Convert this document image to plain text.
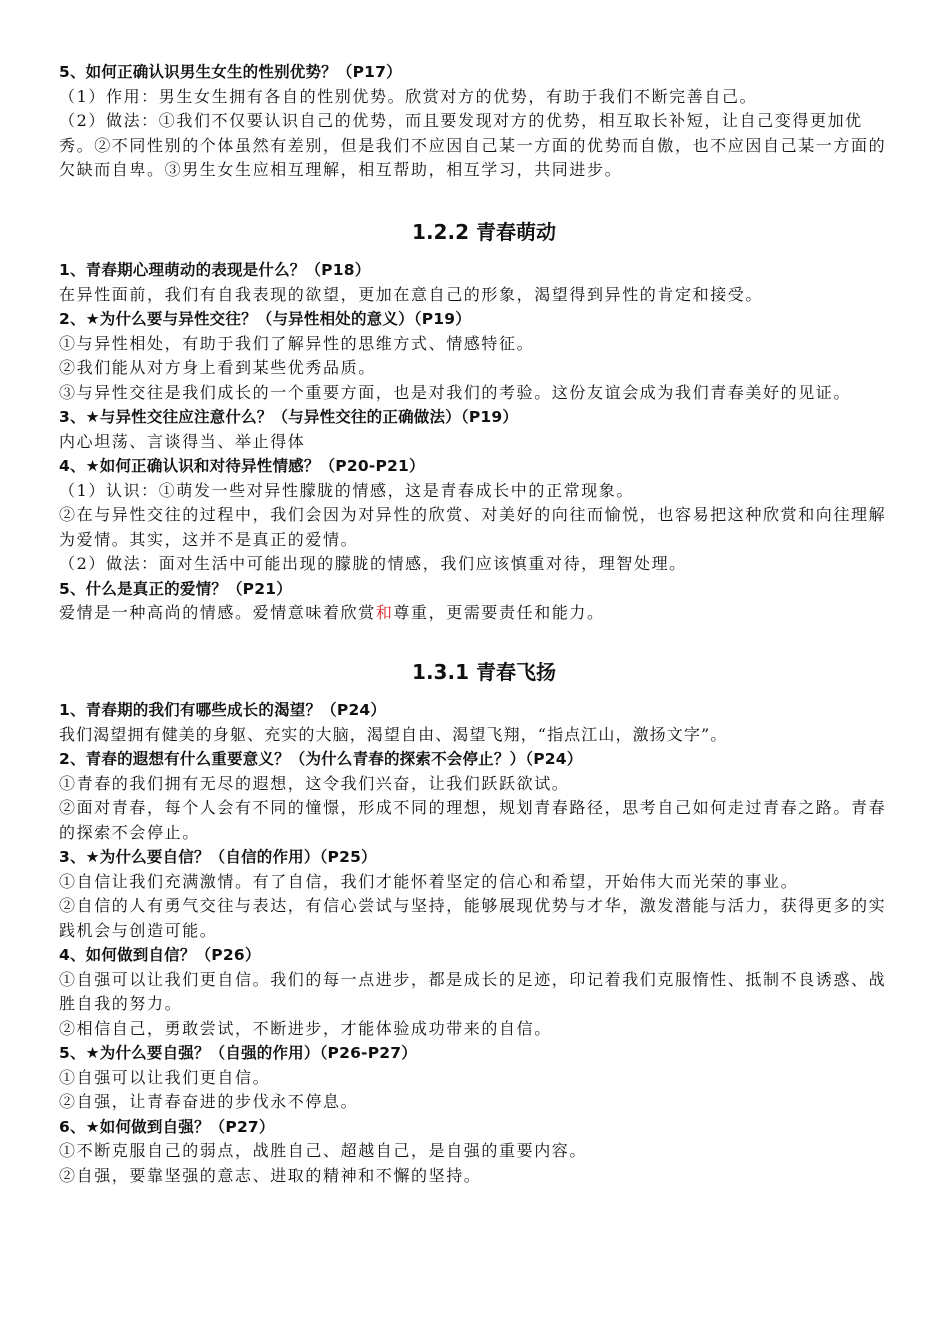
5、如何正确认识男生女生的性别优势？（P17）
（1）作用：男生女生拥有各自的性别优势。欣赏对方的优势，有助于我们不断完善自己。
（2）做法：①我们不仅要认识自己的优势，而且要发现对方的优势，相互取长补短，让自己变得更加优秀。②不同性别的个体虽然有差别，但是我们不应因自己某一方面的优势而自傲，也不应因自己某一方面的欠缺而自卑。③男生女生应相互理解，相互帮助，相互学习，共同进步。
1.2.2 青春萌动
1、青春期心理萌动的表现是什么？（P18）
在异性面前，我们有自我表现的欲望，更加在意自己的形象，渴望得到异性的肯定和接受。
2、★为什么要与异性交往？（与异性相处的意义）（P19）
①与异性相处，有助于我们了解异性的思维方式、情感特征。
②我们能从对方身上看到某些优秀品质。
③与异性交往是我们成长的一个重要方面，也是对我们的考验。这份友谊会成为我们青春美好的见证。
3、★与异性交往应注意什么？（与异性交往的正确做法）（P19）
内心坦荡、言谈得当、举止得体
4、★如何正确认识和对待异性情感？（P20-P21）
（1）认识：①萌发一些对异性朦胧的情感，这是青春成长中的正常现象。
②在与异性交往的过程中，我们会因为对异性的欣赏、对美好的向往而愉悦，也容易把这种欣赏和向往理解为爱情。其实，这并不是真正的爱情。
（2）做法：面对生活中可能出现的朦胧的情感，我们应该慎重对待，理智处理。
5、什么是真正的爱情？（P21）
爱情是一种高尚的情感。爱情意味着欣赏和尊重，更需要责任和能力。
1.3.1 青春飞扬
1、青春期的我们有哪些成长的渴望？（P24）
我们渴望拥有健美的身躯、充实的大脑，渴望自由、渴望飞翔，“指点江山，激扬文字”。
2、青春的遐想有什么重要意义？（为什么青春的探索不会停止？）（P24）
①青春的我们拥有无尽的遐想，这令我们兴奋，让我们跃跃欲试。
②面对青春，每个人会有不同的憧憬，形成不同的理想，规划青春路径，思考自己如何走过青春之路。青春的探索不会停止。
3、★为什么要自信？（自信的作用）（P25）
①自信让我们充满激情。有了自信，我们才能怀着坚定的信心和希望，开始伟大而光荣的事业。
②自信的人有勇气交往与表达，有信心尝试与坚持，能够展现优势与才华，激发潜能与活力，获得更多的实践机会与创造可能。
4、如何做到自信？（P26）
①自强可以让我们更自信。我们的每一点进步，都是成长的足迹，印记着我们克服惰性、抵制不良诱惑、战胜自我的努力。
②相信自己，勇敢尝试，不断进步，才能体验成功带来的自信。
5、★为什么要自强？（自强的作用）（P26-P27）
①自强可以让我们更自信。
②自强，让青春奋进的步伐永不停息。
6、★如何做到自强？（P27）
①不断克服自己的弱点，战胜自己、超越自己，是自强的重要内容。
②自强，要靠坚强的意志、进取的精神和不懈的坚持。
